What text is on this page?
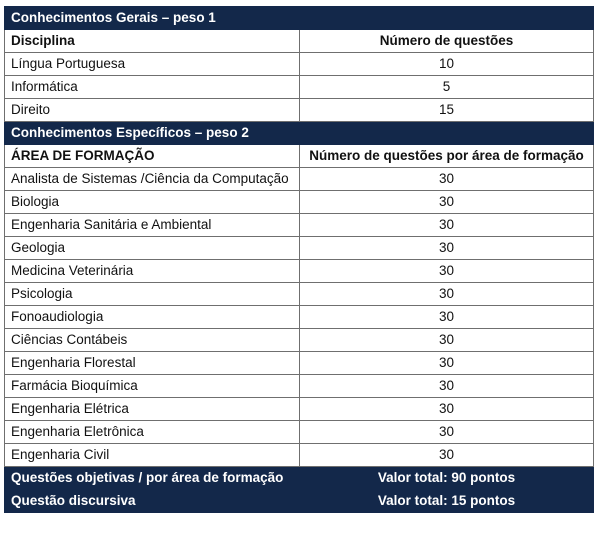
Conhecimentos Gerais – peso 1	
Disciplina	Número de questões
Língua Portuguesa	10
Informática	5
Direito	15
Conhecimentos Específicos – peso 2	
ÁREA DE FORMAÇÃO	Número de questões por área de formação
Analista de Sistemas /Ciência da Computação	30
Biologia	30
Engenharia Sanitária e Ambiental	30
Geologia	30
Medicina Veterinária	30
Psicologia	30
Fonoaudiologia	30
Ciências Contábeis	30
Engenharia Florestal	30
Farmácia Bioquímica	30
Engenharia Elétrica	30
Engenharia Eletrônica	30
Engenharia Civil	30
Questões objetivas / por área de formação	Valor total: 90 pontos
Questão discursiva	Valor total: 15 pontos
